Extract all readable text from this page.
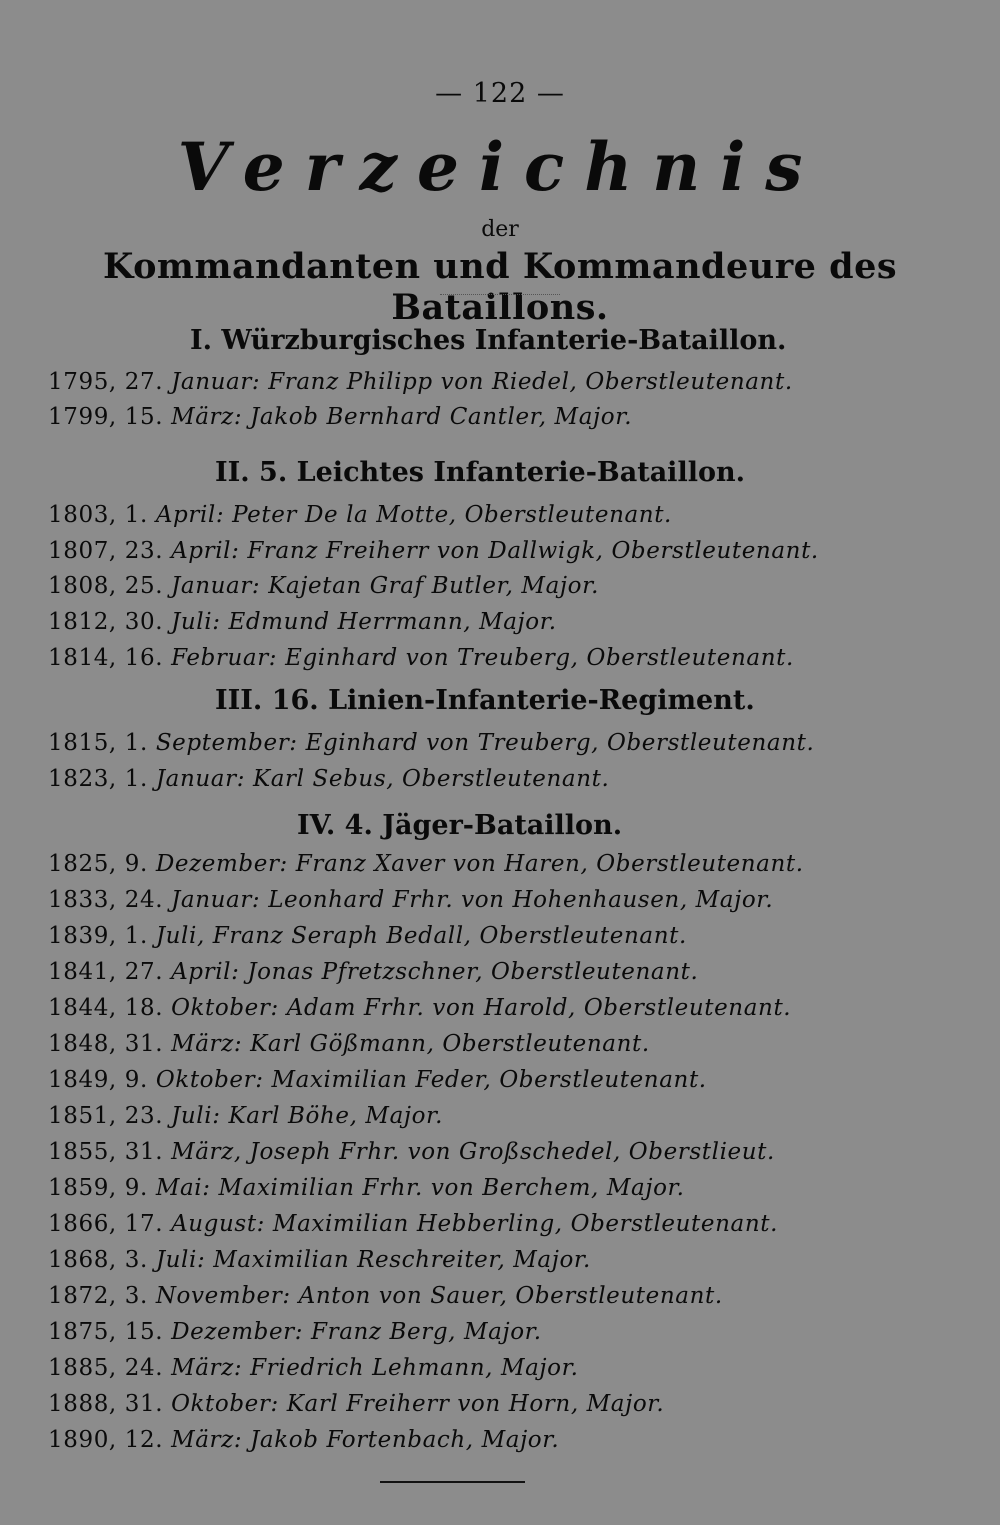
— 122 —
Verzeichnis
der
Kommandanten und Kommandeure des Bataillons.
I. Würzburgisches Infanterie-Bataillon.
1795, 27. Januar: Franz Philipp von Riedel, Oberstleutenant.
1799, 15. März: Jakob Bernhard Cantler, Major.
II. 5. Leichtes Infanterie-Bataillon.
1803, 1. April: Peter De la Motte, Oberstleutenant.
1807, 23. April: Franz Freiherr von Dallwigk, Oberstleutenant.
1808, 25. Januar: Kajetan Graf Butler, Major.
1812, 30. Juli: Edmund Herrmann, Major.
1814, 16. Februar: Eginhard von Treuberg, Oberstleutenant.
III. 16. Linien-Infanterie-Regiment.
1815, 1. September: Eginhard von Treuberg, Oberstleutenant.
1823, 1. Januar: Karl Sebus, Oberstleutenant.
IV. 4. Jäger-Bataillon.
1825, 9. Dezember: Franz Xaver von Haren, Oberstleutenant.
1833, 24. Januar: Leonhard Frhr. von Hohenhausen, Major.
1839, 1. Juli, Franz Seraph Bedall, Oberstleutenant.
1841, 27. April: Jonas Pfretzschner, Oberstleutenant.
1844, 18. Oktober: Adam Frhr. von Harold, Oberstleutenant.
1848, 31. März: Karl Gößmann, Oberstleutenant.
1849, 9. Oktober: Maximilian Feder, Oberstleutenant.
1851, 23. Juli: Karl Böhe, Major.
1855, 31. März, Joseph Frhr. von Großschedel, Oberstlieut.
1859, 9. Mai: Maximilian Frhr. von Berchem, Major.
1866, 17. August: Maximilian Hebberling, Oberstleutenant.
1868, 3. Juli: Maximilian Reschreiter, Major.
1872, 3. November: Anton von Sauer, Oberstleutenant.
1875, 15. Dezember: Franz Berg, Major.
1885, 24. März: Friedrich Lehmann, Major.
1888, 31. Oktober: Karl Freiherr von Horn, Major.
1890, 12. März: Jakob Fortenbach, Major.
